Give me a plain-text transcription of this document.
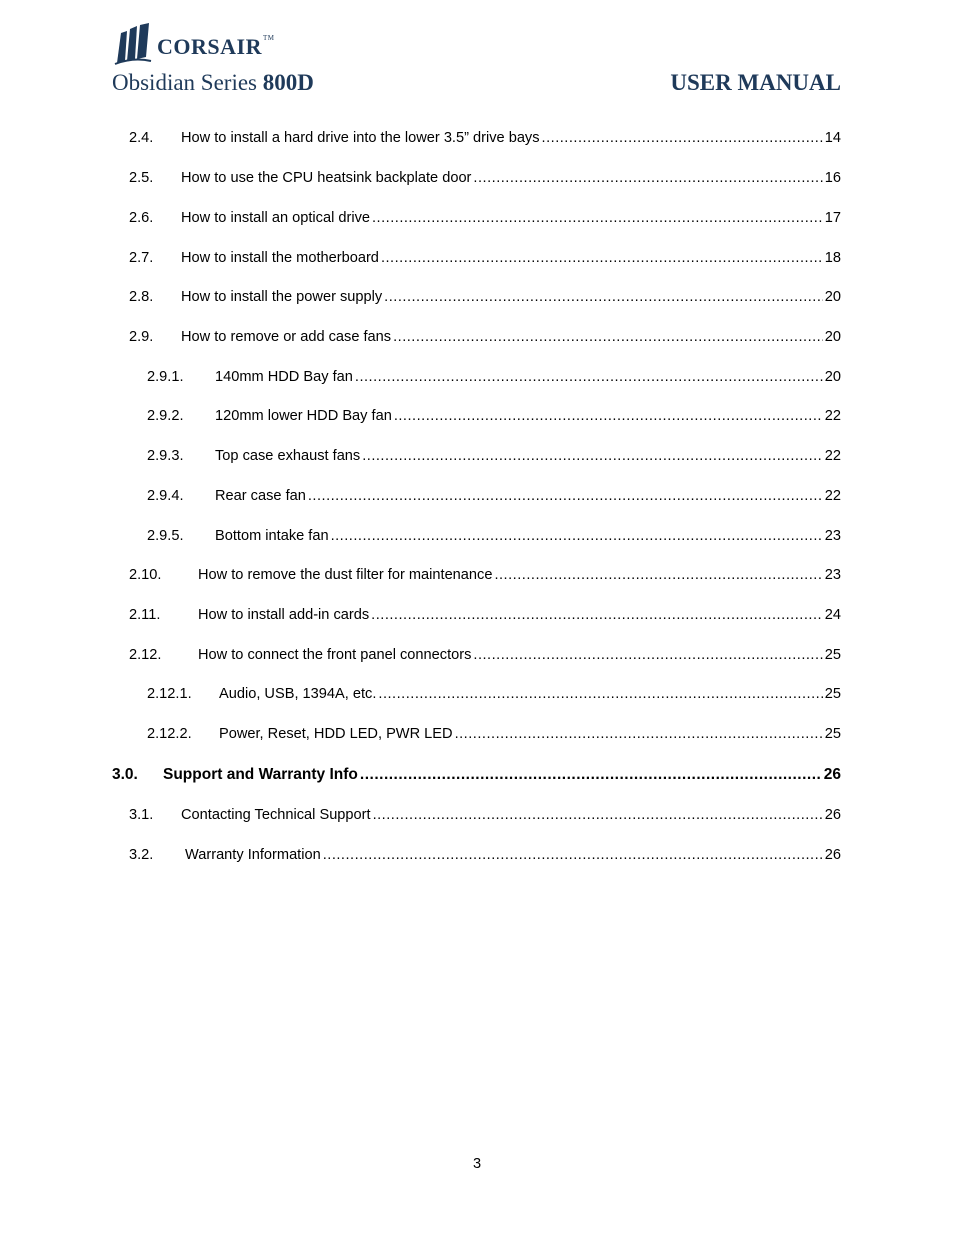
CORSAIR™
Obsidian Series 800D	USER MANUAL
2.4. How to install a hard drive into the lower 3.5” drive bays .....	14
2.5. How to use the CPU heatsink backplate door .....	16
2.6. How to install an optical drive .....	17
2.7. How to install the motherboard .....	18
2.8. How to install the power supply .....	20
2.9. How to remove or add case fans .....	20
2.9.1. 140mm HDD Bay fan .....	20
2.9.2. 120mm lower HDD Bay fan .....	22
2.9.3. Top case exhaust fans .....	22
2.9.4. Rear case fan .....	22
2.9.5. Bottom intake fan .....	23
2.10.	How to remove the dust filter for maintenance .....	23
2.11.	How to install add-in cards .....	24
2.12.	How to connect the front panel connectors .....	25
2.12.1. Audio, USB, 1394A, etc. .....	25
2.12.2. Power, Reset, HDD LED, PWR LED .....	25
3.0. Support and Warranty Info .....	26
3.1. Contacting Technical Support .....	26
3.2. Warranty Information .....	26
3
